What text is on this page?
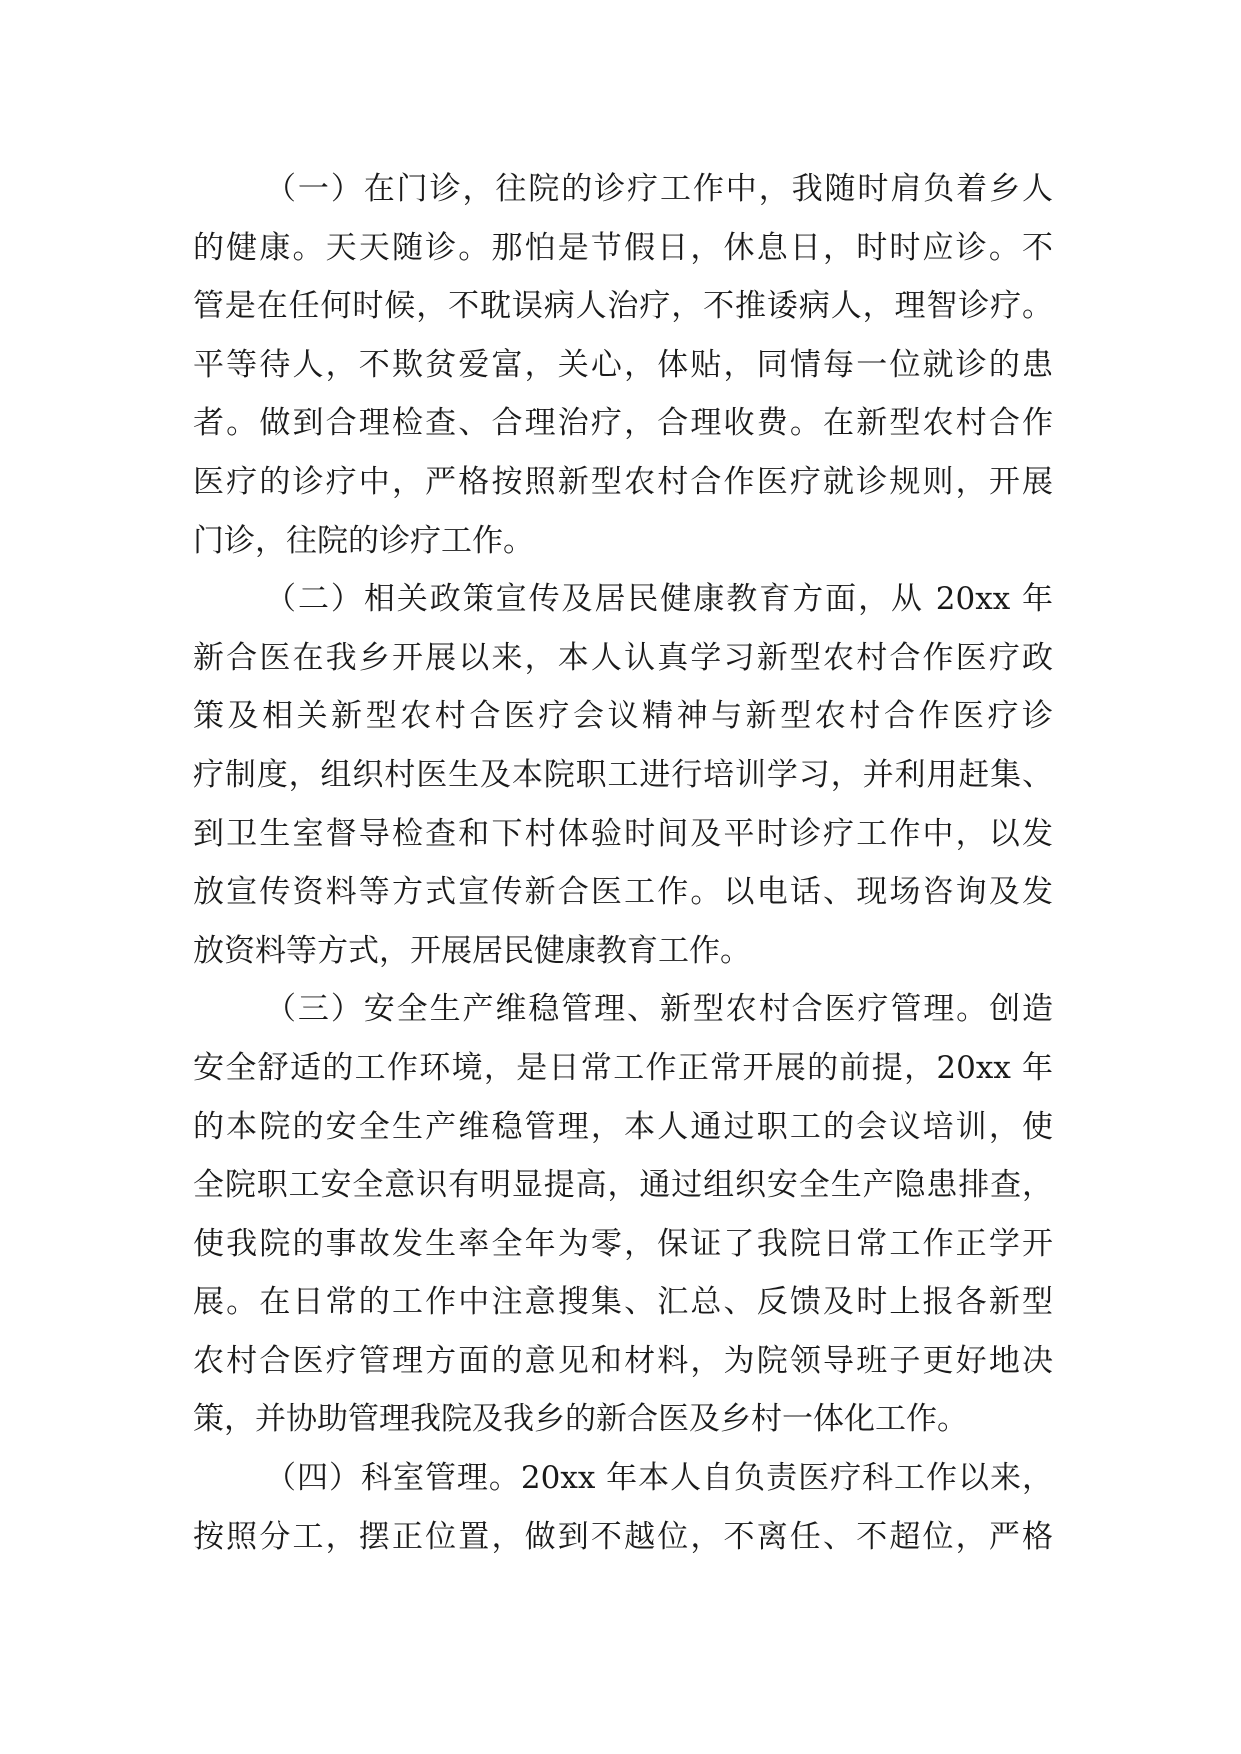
（一）在门诊，往院的诊疗工作中，我随时肩负着乡人
的健康。天天随诊。那怕是节假日，休息日，时时应诊。不
管是在任何时候，不耽误病人治疗，不推诿病人，理智诊疗。
平等待人，不欺贫爱富，关心，体贴，同情每一位就诊的患
者。做到合理检查、合理治疗，合理收费。在新型农村合作
医疗的诊疗中，严格按照新型农村合作医疗就诊规则，开展
门诊，往院的诊疗工作。
（二）相关政策宣传及居民健康教育方面，从 20xx 年
新合医在我乡开展以来，本人认真学习新型农村合作医疗政
策及相关新型农村合医疗会议精神与新型农村合作医疗诊
疗制度，组织村医生及本院职工进行培训学习，并利用赶集、
到卫生室督导检查和下村体验时间及平时诊疗工作中，以发
放宣传资料等方式宣传新合医工作。以电话、现场咨询及发
放资料等方式，开展居民健康教育工作。
（三）安全生产维稳管理、新型农村合医疗管理。创造
安全舒适的工作环境，是日常工作正常开展的前提，20xx 年
的本院的安全生产维稳管理，本人通过职工的会议培训，使
全院职工安全意识有明显提高，通过组织安全生产隐患排查，
使我院的事故发生率全年为零，保证了我院日常工作正学开
展。在日常的工作中注意搜集、汇总、反馈及时上报各新型
农村合医疗管理方面的意见和材料，为院领导班子更好地决
策，并协助管理我院及我乡的新合医及乡村一体化工作。
（四）科室管理。20xx 年本人自负责医疗科工作以来，
按照分工，摆正位置，做到不越位，不离任、不超位，严格
